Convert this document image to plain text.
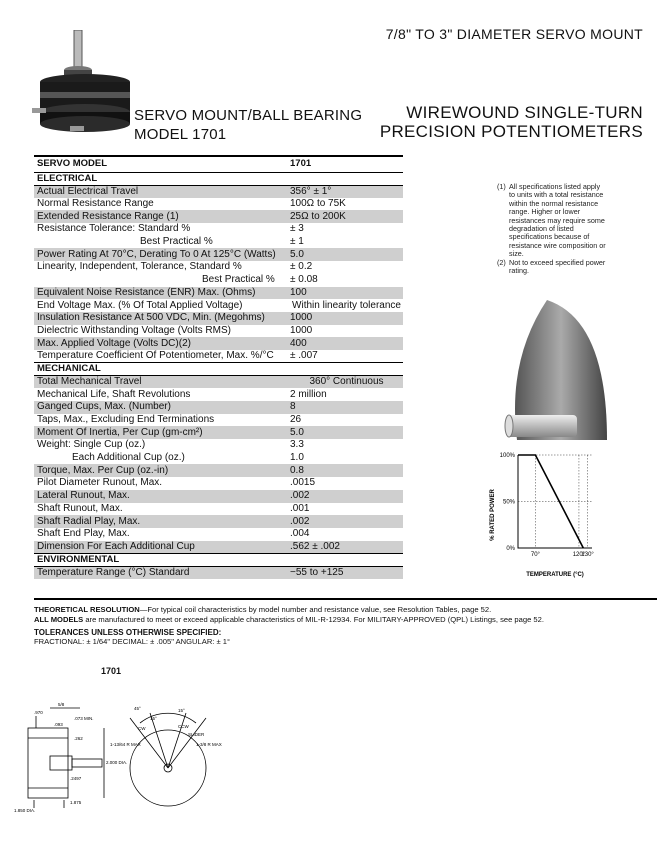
7/8" TO 3" DIAMETER SERVO MOUNT
SERVO MOUNT/BALL BEARING
MODEL 1701
WIREWOUND SINGLE-TURN
PRECISION POTENTIOMETERS
SERVO MODEL	1701
ELECTRICAL	
Actual Electrical Travel	356° ± 1°
Normal Resistance Range	100Ω to 75K
Extended Resistance Range (1)	25Ω to 200K
Resistance Tolerance: Standard %	± 3
Best Practical %	± 1
Power Rating At 70°C, Derating To 0 At 125°C (Watts)	5.0
Linearity, Independent, Tolerance, Standard %	± 0.2
Best Practical %	± 0.08
Equivalent Noise Resistance (ENR) Max. (Ohms)	100
End Voltage Max. (% Of Total Applied Voltage)	Within linearity tolerance
Insulation Resistance At 500 VDC, Min. (Megohms)	1000
Dielectric Withstanding Voltage (Volts RMS)	1000
Max. Applied Voltage (Volts DC)(2)	400
Temperature Coefficient Of Potentiometer, Max. %/°C	± .007
MECHANICAL	
Total Mechanical Travel	360° Continuous
Mechanical Life, Shaft Revolutions	2 million
Ganged Cups, Max. (Number)	8
Taps, Max., Excluding End Terminations	26
Moment Of Inertia, Per Cup (gm-cm²)	5.0
Weight: Single Cup (oz.)	3.3
Each Additional Cup (oz.)	1.0
Torque, Max. Per Cup (oz.-in)	0.8
Pilot Diameter Runout, Max.	.0015
Lateral Runout, Max.	.002
Shaft Runout, Max.	.001
Shaft Radial Play, Max.	.002
Shaft End Play, Max.	.004
Dimension For Each Additional Cup	.562 ± .002
ENVIRONMENTAL	
Temperature Range (°C) Standard	−55 to +125
(1) All specifications listed apply to units with a total resistance within the normal resistance range. Higher or lower resistances may require some degradation of listed specifications because of resistance wire composition or size.
(2) Not to exceed specified power rating.
% RATED POWER
100%
50%
0%
70°	120°
130°
TEMPERATURE (°C)
THEORETICAL RESOLUTION—For typical coil characteristics by model number and resistance value, see Resolution Tables, page 52.
ALL MODELS are manufactured to meet or exceed applicable characteristics of MIL-R-12934. For MILITARY-APPROVED (QPL) Listings, see page 52.
TOLERANCES UNLESS OTHERWISE SPECIFIED:
FRACTIONAL: ± 1/64" DECIMAL: ± .005" ANGULAR: ± 1°
1701
.970
5/8
.093
.073 MIN.
.262
2.000 DIA.
.2497
1.875
1.850 DIA.
45°
15°
15°
CW	CCW
SLIDER
1-13/64 R MAX	1-3/8 R MAX
